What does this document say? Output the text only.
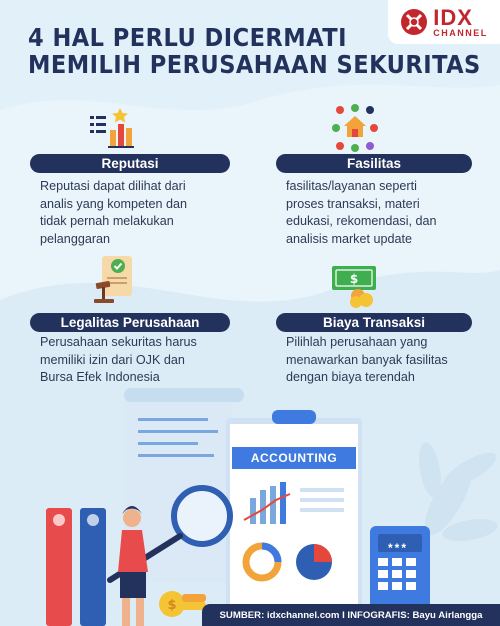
IDX
CHANNEL
4 HAL PERLU DICERMATI
MEMILIH PERUSAHAAN SEKURITAS
Reputasi
Reputasi dapat dilihat dari
analis yang kompeten dan
tidak pernah melakukan
pelanggaran
Fasilitas
fasilitas/layanan seperti
proses transaksi, materi
edukasi, rekomendasi, dan
analisis market update
Legalitas Perusahaan
Perusahaan sekuritas harus
memiliki izin dari OJK dan
Bursa Efek Indonesia
$
Biaya Transaksi
Pilihlah perusahaan yang
menawarkan banyak fasilitas
dengan biaya terendah
$
ACCOUNTING
***
SUMBER: idxchannel.com I INFOGRAFIS: Bayu Airlangga
